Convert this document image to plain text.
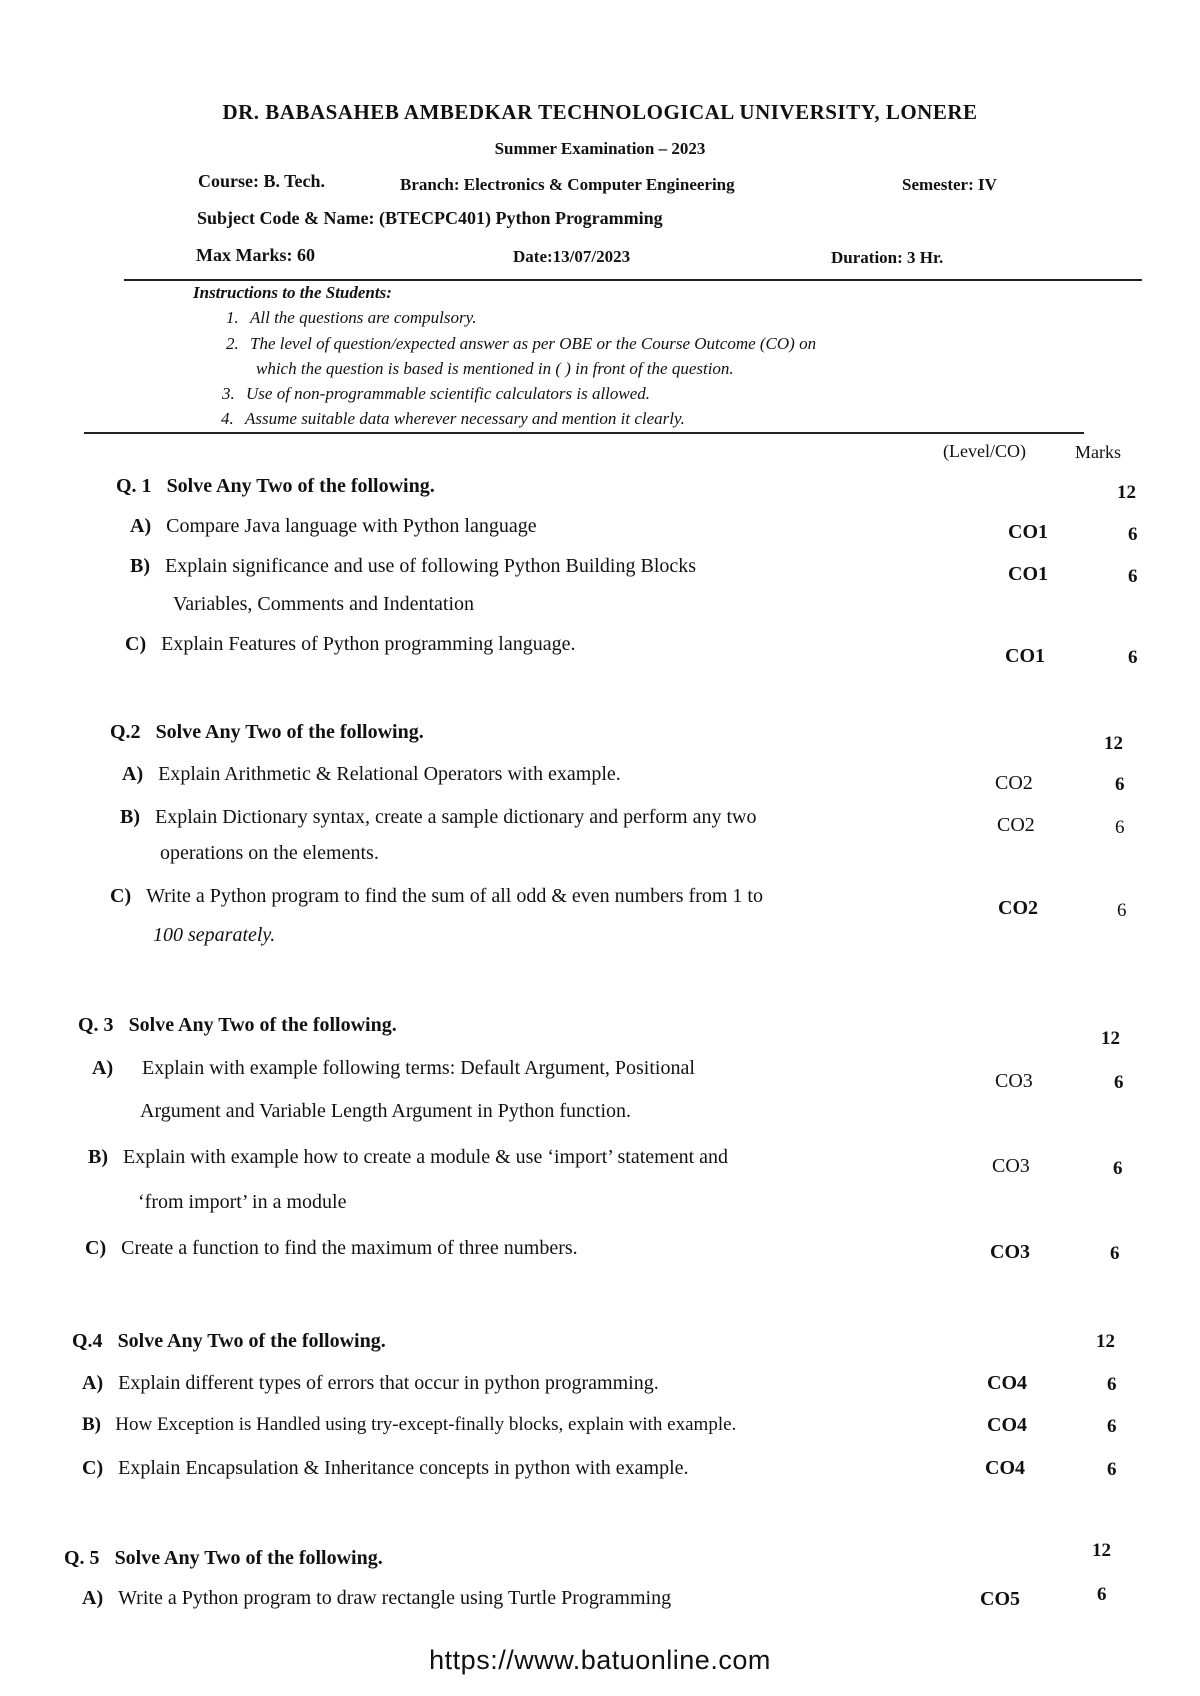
DR. BABASAHEB AMBEDKAR TECHNOLOGICAL UNIVERSITY, LONERE
Summer Examination – 2023
Course: B. Tech.	Branch: Electronics & Computer Engineering	Semester: IV
Subject Code & Name: (BTECPC401) Python Programming
Max Marks: 60	Date:13/07/2023	Duration: 3 Hr.
Instructions to the Students:
1. All the questions are compulsory.
2. The level of question/expected answer as per OBE or the Course Outcome (CO) on
which the question is based is mentioned in ( ) in front of the question.
3. Use of non-programmable scientific calculators is allowed.
4. Assume suitable data wherever necessary and mention it clearly.
(Level/CO)	Marks
Q. 1 Solve Any Two of the following.	12
A) Compare Java language with Python language	CO1	6
B) Explain significance and use of following Python Building Blocks
Variables, Comments and Indentation
CO1	6
C) Explain Features of Python programming language.
CO1	6
Q.2 Solve Any Two of the following.
12
A) Explain Arithmetic & Relational Operators with example.	CO2	6
B) Explain Dictionary syntax, create a sample dictionary and perform any two
operations on the elements.
CO2	6
C) Write a Python program to find the sum of all odd & even numbers from 1 to
100 separately.
CO2	6
Q. 3 Solve Any Two of the following.
12
A) Explain with example following terms: Default Argument, Positional
Argument and Variable Length Argument in Python function.
CO3	6
B) Explain with example how to create a module & use ‘import’ statement and
‘from import’ in a module
CO3	6
C) Create a function to find the maximum of three numbers.	CO3	6
Q.4 Solve Any Two of the following.	12
A) Explain different types of errors that occur in python programming.	CO4	6
B) How Exception is Handled using try-except-finally blocks, explain with example.	CO4	6
C) Explain Encapsulation & Inheritance concepts in python with example.	CO4	6
Q. 5 Solve Any Two of the following.	12
A) Write a Python program to draw rectangle using Turtle Programming	CO5	6
https://www.batuonline.com
